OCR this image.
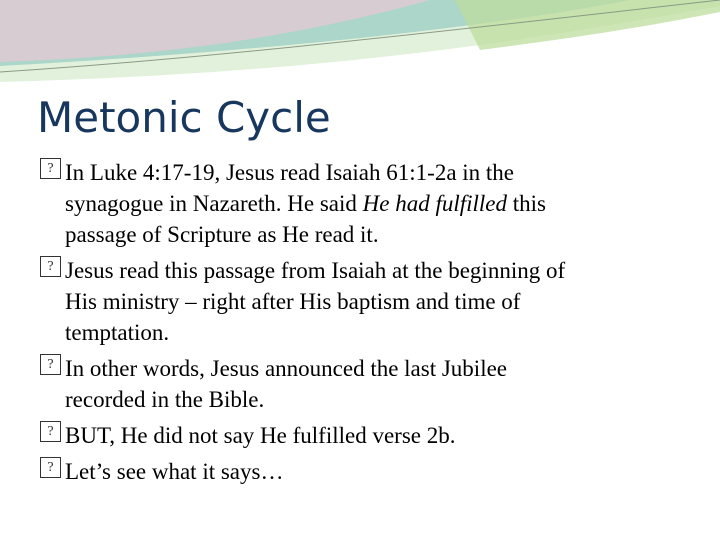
Metonic Cycle
? In Luke 4:17-19, Jesus read Isaiah 61:1-2a in the
synagogue in Nazareth. He said He had fulfilled this
passage of Scripture as He read it.
? Jesus read this passage from Isaiah at the beginning of
His ministry – right after His baptism and time of
temptation.
? In other words, Jesus announced the last Jubilee
recorded in the Bible.
? BUT, He did not say He fulfilled verse 2b.
? Let’s see what it says…
